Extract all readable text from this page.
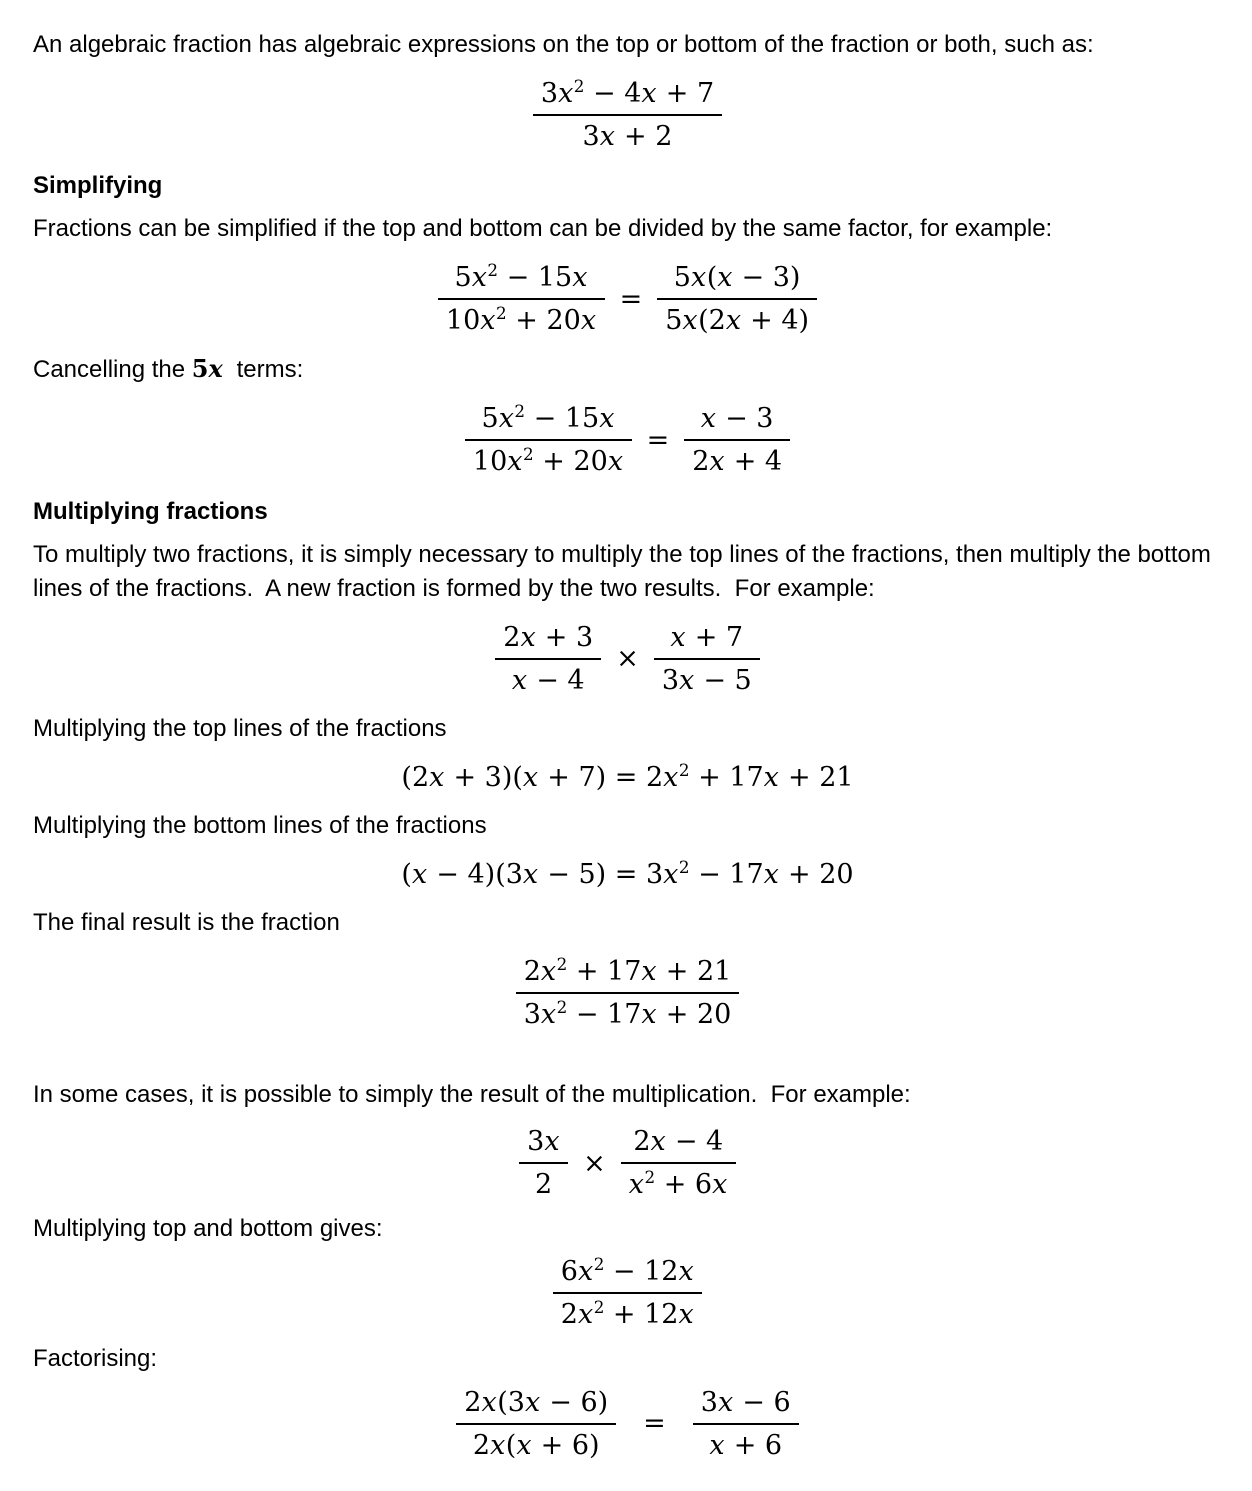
An algebraic fraction has algebraic expressions on the top or bottom of the fraction or both, such as:
$\frac{3x^2 - 4x + 7}{3x + 2}$
Simplifying
Fractions can be simplified if the top and bottom can be divided by the same factor, for example:
$\frac{5x^2 - 15x}{10x^2 + 20x} = \frac{5x(x - 3)}{5x(2x + 4)}$
Cancelling the 5x  terms:
$\frac{5x^2 - 15x}{10x^2 + 20x} = \frac{x - 3}{2x + 4}$
Multiplying fractions
To multiply two fractions, it is simply necessary to multiply the top lines of the fractions, then multiply the bottom lines of the fractions.  A new fraction is formed by the two results.  For example:
$\frac{2x + 3}{x - 4} \times \frac{x + 7}{3x - 5}$
Multiplying the top lines of the fractions
$(2x + 3)(x + 7) = 2x^2 + 17x + 21$
Multiplying the bottom lines of the fractions
$(x - 4)(3x - 5) = 3x^2 - 17x + 20$
The final result is the fraction
$\frac{2x^2 + 17x + 21}{3x^2 - 17x + 20}$
In some cases, it is possible to simply the result of the multiplication.  For example:
$\frac{3x}{2} \times \frac{2x - 4}{x^2 + 6x}$
Multiplying top and bottom gives:
$\frac{6x^2 - 12x}{2x^2 + 12x}$
Factorising:
$\frac{2x(3x - 6)}{2x(x + 6)} = \frac{3x - 6}{x + 6}$
